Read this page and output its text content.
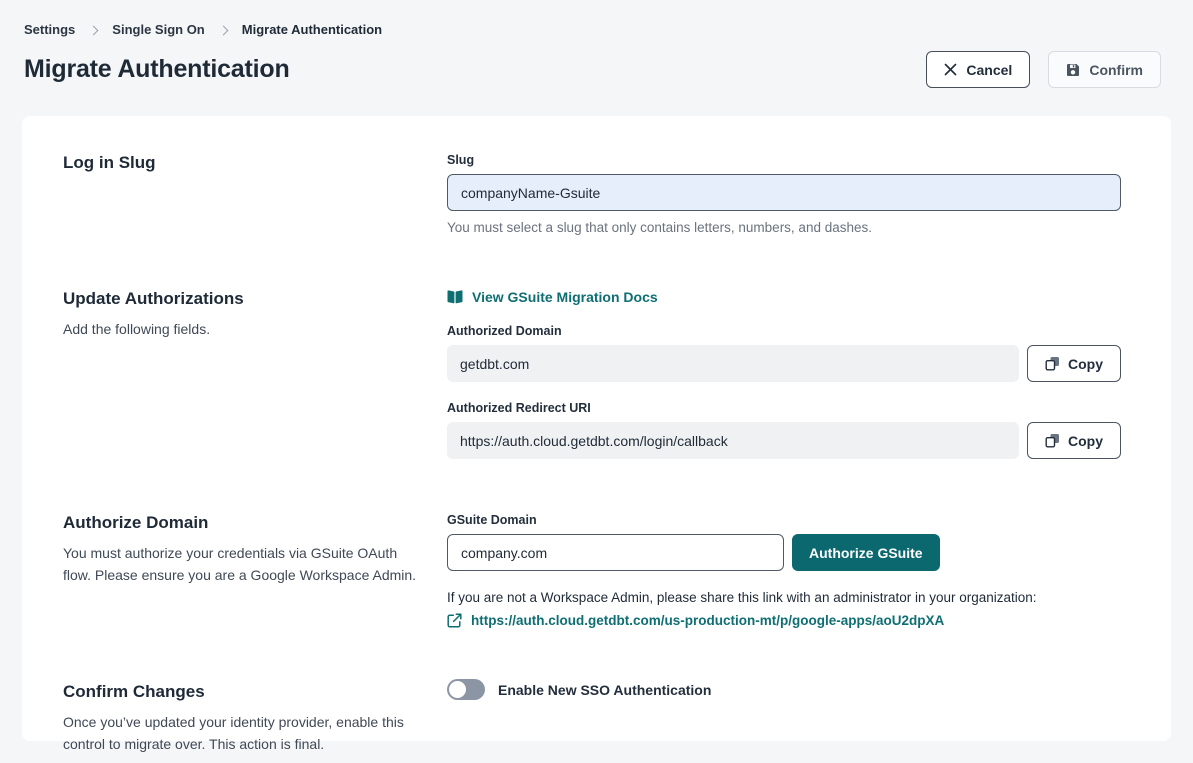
Settings	Single Sign On	Migrate Authentication
Migrate Authentication	Cancel	Confirm
Log in Slug	Slug
companyName-Gsuite
You must select a slug that only contains letters, numbers, and dashes.
Update Authorizations
Add the following fields.
View GSuite Migration Docs
Authorized Domain
getdbt.com	Copy
Authorized Redirect URI
https://auth.cloud.getdbt.com/login/callback	Copy
Authorize Domain
You must authorize your credentials via GSuite OAuth flow. Please ensure you are a Google Workspace Admin.
GSuite Domain
company.com
Authorize GSuite
If you are not a Workspace Admin, please share this link with an administrator in your organization:
https://auth.cloud.getdbt.com/us-production-mt/p/google-apps/aoU2dpXA
Confirm Changes
Once you’ve updated your identity provider, enable this control to migrate over. This action is final.
Enable New SSO Authentication
